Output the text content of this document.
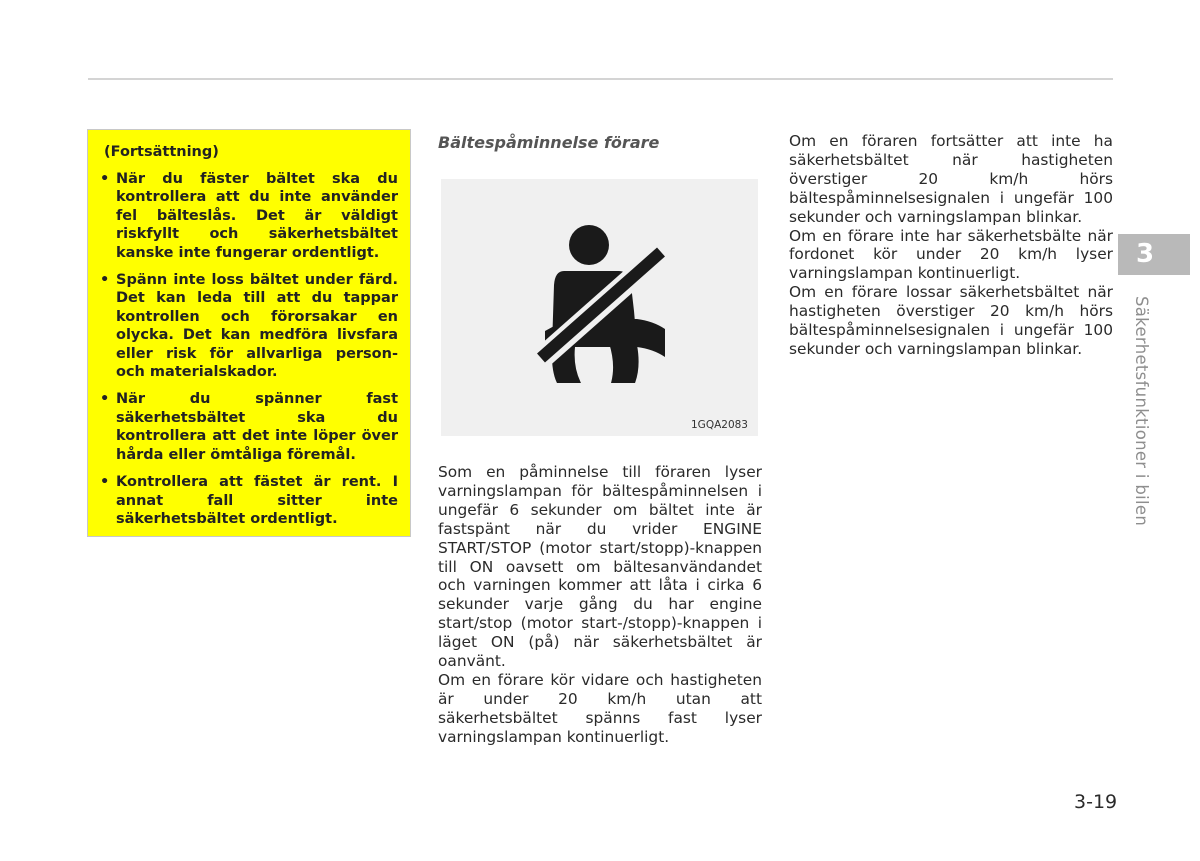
(Fortsättning)
• När du fäster bältet ska du kontrollera att du inte använder fel bälteslås. Det är väldigt riskfyllt och säkerhetsbältet kanske inte fungerar ordentligt.
• Spänn inte loss bältet under färd. Det kan leda till att du tappar kontrollen och förorsakar en olycka. Det kan medföra livsfara eller risk för allvarliga person- och materialskador.
• När du spänner fast säkerhetsbältet ska du kontrollera att det inte löper över hårda eller ömtåliga föremål.
• Kontrollera att fästet är rent. I annat fall sitter inte säkerhetsbältet ordentligt.
Bältespåminnelse förare
1GQA2083

Som en påminnelse till föraren lyser varningslampan för bältespåminnelsen i ungefär 6 sekunder om bältet inte är fastspänt när du vrider ENGINE START/STOP (motor start/stopp)-knappen till ON oavsett om bältesanvändandet och varningen kommer att låta i cirka 6 sekunder varje gång du har engine start/stop (motor start-/stopp)-knappen i läget ON (på) när säkerhetsbältet är oanvänt.

Om en förare kör vidare och hastigheten är under 20 km/h utan att säkerhetsbältet spänns fast lyser varningslampan kontinuerligt.

Om en föraren fortsätter att inte ha säkerhetsbältet när hastigheten överstiger 20 km/h hörs bältespåminnelsesignalen i ungefär 100 sekunder och varningslampan blinkar.

Om en förare inte har säkerhetsbälte när fordonet kör under 20 km/h lyser varningslampan kontinuerligt.

Om en förare lossar säkerhetsbältet när hastigheten överstiger 20 km/h hörs bältespåminnelsesignalen i ungefär 100 sekunder och varningslampan blinkar.

3
Säkerhetsfunktioner i bilen
3-19
